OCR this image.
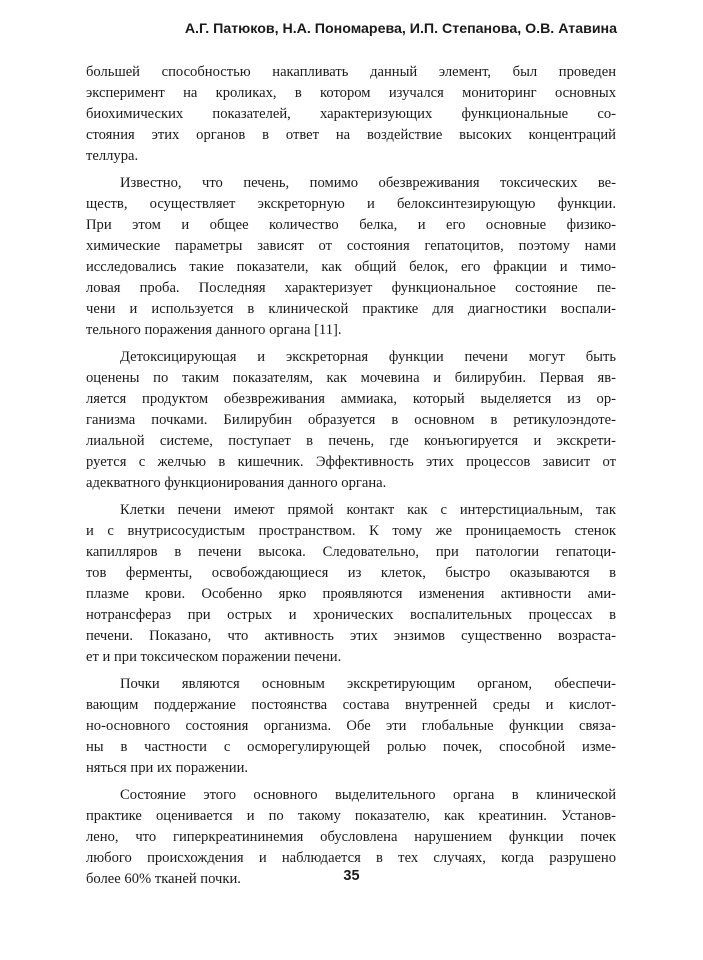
А.Г. Патюков, Н.А. Пономарева, И.П. Степанова, О.В. Атавина
большей способностью накапливать данный элемент, был проведен
эксперимент на кроликах, в котором изучался мониторинг основных
биохимических показателей, характеризующих функциональные со-
стояния этих органов в ответ на воздействие высоких концентраций
теллура.
Известно, что печень, помимо обезвреживания токсических ве-
ществ, осуществляет экскреторную и белоксинтезирующую функции.
При этом и общее количество белка, и его основные физико-
химические параметры зависят от состояния гепатоцитов, поэтому нами
исследовались такие показатели, как общий белок, его фракции и тимо-
ловая проба. Последняя характеризует функциональное состояние пе-
чени и используется в клинической практике для диагностики воспали-
тельного поражения данного органа [11].
Детоксицирующая и экскреторная функции печени могут быть
оценены по таким показателям, как мочевина и билирубин. Первая яв-
ляется продуктом обезвреживания аммиака, который выделяется из ор-
ганизма почками. Билирубин образуется в основном в ретикулоэндоте-
лиальной системе, поступает в печень, где конъюгируется и экскрети-
руется с желчью в кишечник. Эффективность этих процессов зависит от
адекватного функционирования данного органа.
Клетки печени имеют прямой контакт как с интерстициальным, так
и с внутрисосудистым пространством. К тому же проницаемость стенок
капилляров в печени высока. Следовательно, при патологии гепатоци-
тов ферменты, освобождающиеся из клеток, быстро оказываются в
плазме крови. Особенно ярко проявляются изменения активности ами-
нотрансфераз при острых и хронических воспалительных процессах в
печени. Показано, что активность этих энзимов существенно возраста-
ет и при токсическом поражении печени.
Почки являются основным экскретирующим органом, обеспечи-
вающим поддержание постоянства состава внутренней среды и кислот-
но-основного состояния организма. Обе эти глобальные функции связа-
ны в частности с осморегулирующей ролью почек, способной изме-
няться при их поражении.
Состояние этого основного выделительного органа в клинической
практике оценивается и по такому показателю, как креатинин. Установ-
лено, что гиперкреатининемия обусловлена нарушением функции почек
любого происхождения и наблюдается в тех случаях, когда разрушено
более 60% тканей почки.	35
